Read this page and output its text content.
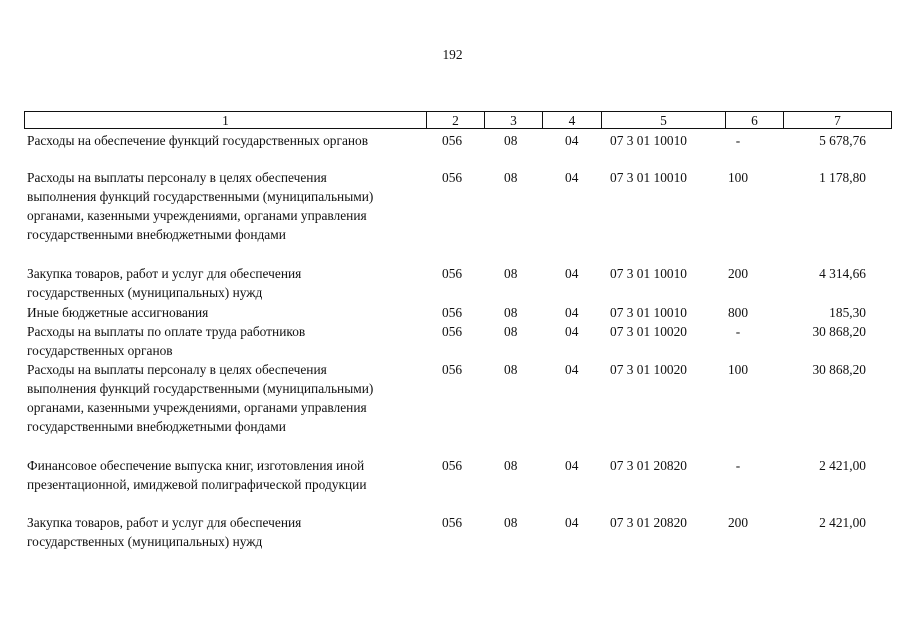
192
1	2	3	4	5	6	7
Расходы на обеспечение функций государственных органов	056	08	04	07 3 01 10010	-	5 678,76
Расходы на выплаты персоналу в целях обеспечения
выполнения функций государственными (муниципальными)
органами, казенными учреждениями, органами управления
государственными внебюджетными фондами
056	08	04	07 3 01 10010	100	1 178,80
Закупка товаров, работ и услуг для обеспечения
государственных (муниципальных) нужд
056	08	04	07 3 01 10010	200	4 314,66
Иные бюджетные ассигнования	056	08	04	07 3 01 10010	800	185,30
Расходы на выплаты по оплате труда работников
государственных органов
056	08	04	07 3 01 10020	-	30 868,20
Расходы на выплаты персоналу в целях обеспечения
выполнения функций государственными (муниципальными)
органами, казенными учреждениями, органами управления
государственными внебюджетными фондами
056	08	04	07 3 01 10020	100	30 868,20
Финансовое обеспечение выпуска книг, изготовления иной
презентационной, имиджевой полиграфической продукции
056	08	04	07 3 01 20820	-	2 421,00
Закупка товаров, работ и услуг для обеспечения
государственных (муниципальных) нужд
056	08	04	07 3 01 20820	200	2 421,00
